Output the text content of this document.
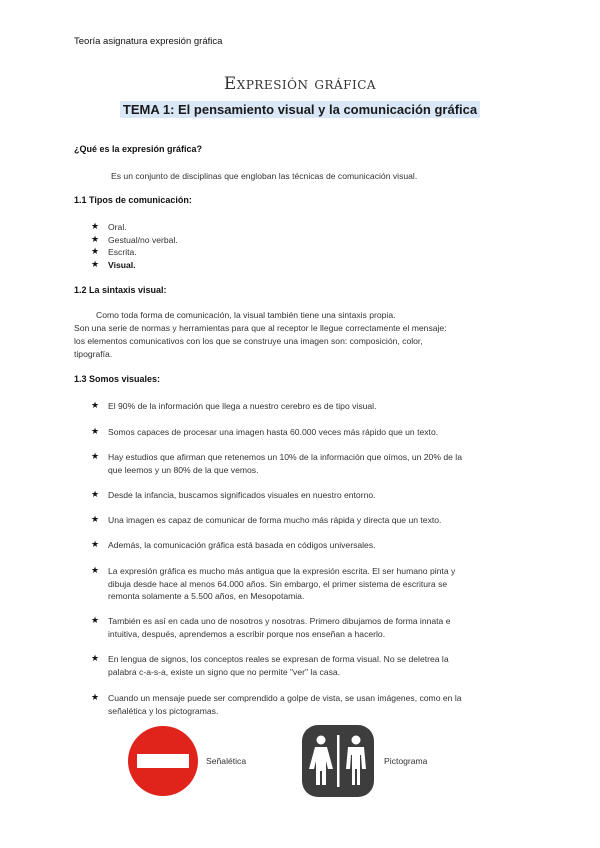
Teoría asignatura expresión gráfica
Expresión gráfica
TEMA 1: El pensamiento visual y la comunicación gráfica
¿Qué es la expresión gráfica?
Es un conjunto de disciplinas que engloban las técnicas de comunicación visual.
1.1 Tipos de comunicación:
★ Oral.
★ Gestual/no verbal.
★ Escrita.
★ Visual.
1.2 La sintaxis visual:
Como toda forma de comunicación, la visual también tiene una sintaxis propia.
Son una serie de normas y herramientas para que al receptor le llegue correctamente el mensaje:
los elementos comunicativos con los que se construye una imagen son: composición, color,
tipografía.
1.3 Somos visuales:
★ El 90% de la información que llega a nuestro cerebro es de tipo visual.
★ Somos capaces de procesar una imagen hasta 60.000 veces más rápido que un texto.
★ Hay estudios que afirman que retenemos un 10% de la información que oímos, un 20% de la
que leemos y un 80% de la que vemos.
★ Desde la infancia, buscamos significados visuales en nuestro entorno.
★ Una imagen es capaz de comunicar de forma mucho más rápida y directa que un texto.
★ Además, la comunicación gráfica está basada en códigos universales.
★ La expresión gráfica es mucho más antigua que la expresión escrita. El ser humano pinta y
dibuja desde hace al menos 64.000 años. Sin embargo, el primer sistema de escritura se
remonta solamente a 5.500 años, en Mesopotamia.
★ También es así en cada uno de nosotros y nosotras. Primero dibujamos de forma innata e
intuitiva, después, aprendemos a escribir porque nos enseñan a hacerlo.
★ En lengua de signos, los conceptos reales se expresan de forma visual. No se deletrea la
palabra c-a-s-a, existe un signo que no permite "ver" la casa.
★ Cuando un mensaje puede ser comprendido a golpe de vista, se usan imágenes, como en la
señalética y los pictogramas.
Señalética	Pictograma
